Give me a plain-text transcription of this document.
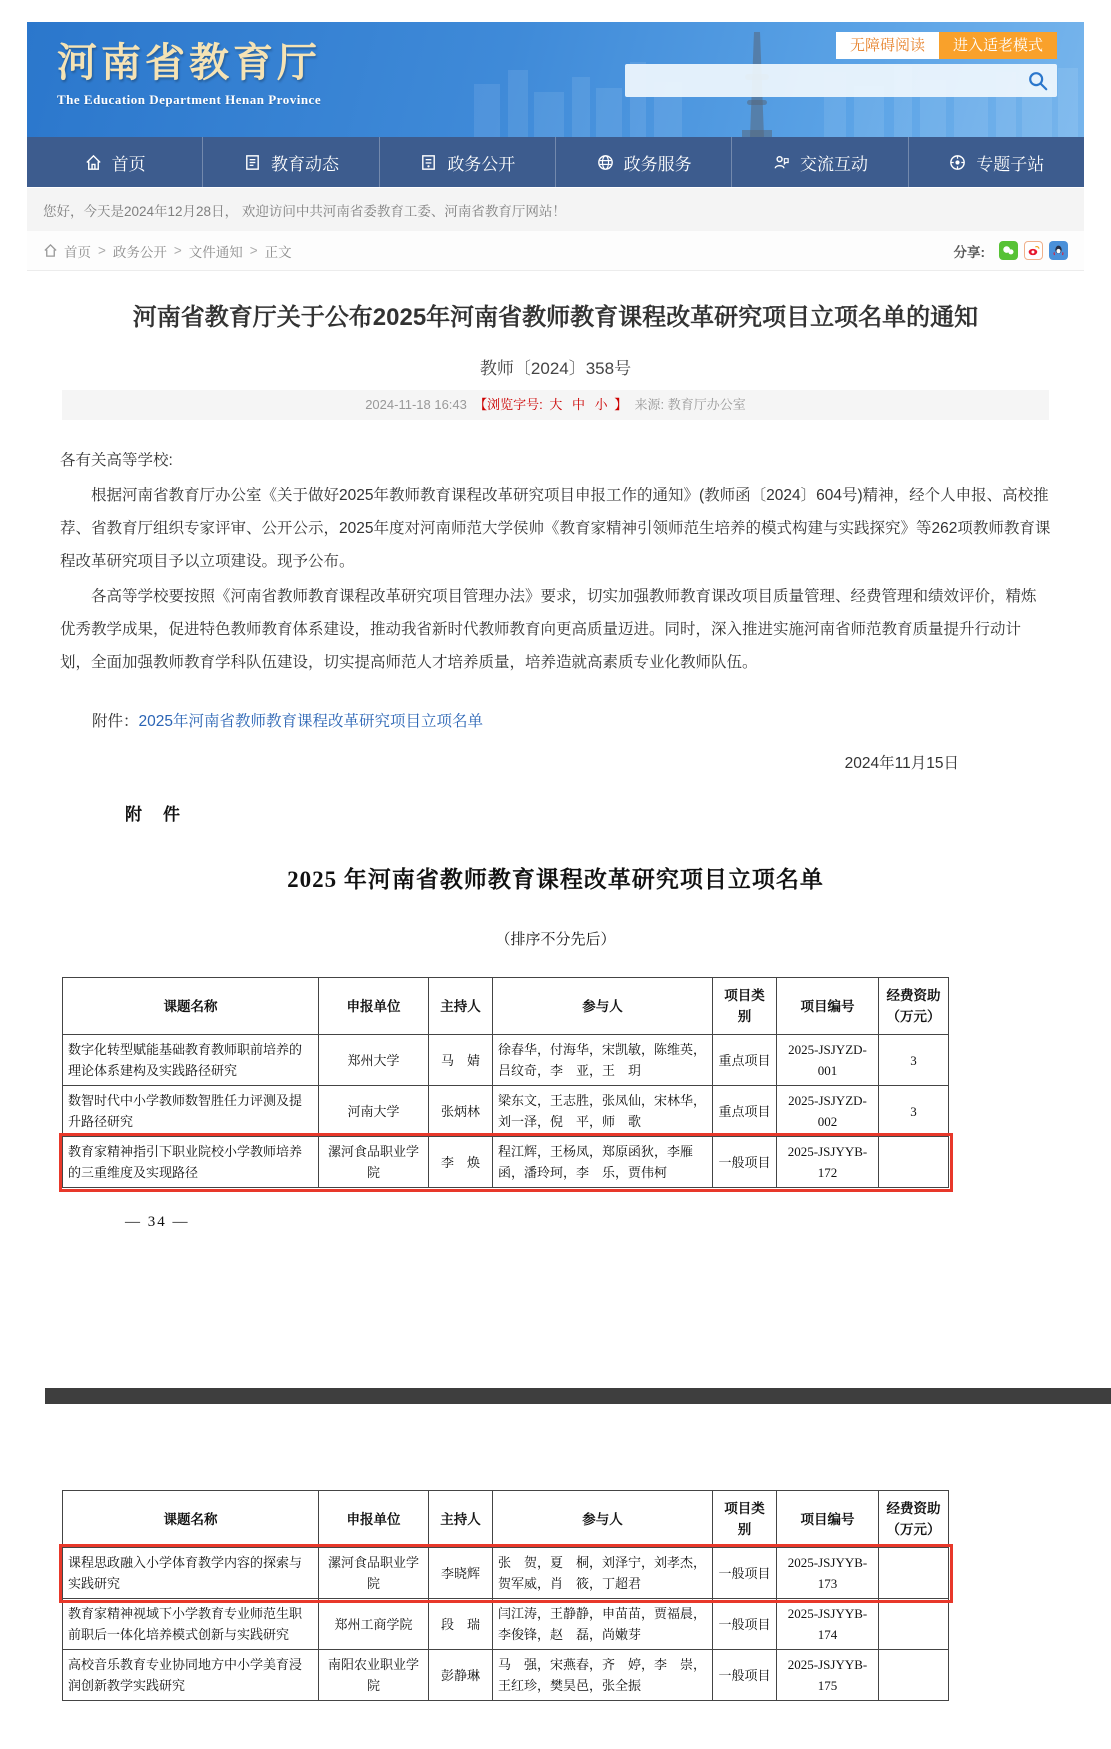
河南省教育厅
The Education Department Henan Province
无障碍阅读	进入适老模式
首页	教育动态	政务公开	政务服务	交流互动	专题子站
您好，今天是2024年12月28日， 欢迎访问中共河南省委教育工委、河南省教育厅网站！
首页 > 政务公开 > 文件通知 > 正文	分享:
河南省教育厅关于公布2025年河南省教师教育课程改革研究项目立项名单的通知
教师〔2024〕358号
2024-11-18 16:43 【浏览字号: 大 中 小 】 来源: 教育厅办公室

各有关高等学校:

根据河南省教育厅办公室《关于做好2025年教师教育课程改革研究项目申报工作的通知》(教师函〔2024〕604号)精神，经个人申报、高校推荐、省教育厅组织专家评审、公开公示，2025年度对河南师范大学侯帅《教育家精神引领师范生培养的模式构建与实践探究》等262项教师教育课程改革研究项目予以立项建设。现予公布。

各高等学校要按照《河南省教师教育课程改革研究项目管理办法》要求，切实加强教师教育课改项目质量管理、经费管理和绩效评价，精炼优秀教学成果，促进特色教师教育体系建设，推动我省新时代教师教育向更高质量迈进。同时，深入推进实施河南省师范教育质量提升行动计划，全面加强教师教育学科队伍建设，切实提高师范人才培养质量，培养造就高素质专业化教师队伍。

附件：2025年河南省教师教育课程改革研究项目立项名单
2024年11月15日
附　件
2025 年河南省教师教育课程改革研究项目立项名单
（排序不分先后）
课题名称	申报单位	主持人	参与人	项目类别	项目编号	经费资助（万元）
数字化转型赋能基础教育教师职前培养的理论体系建构及实践路径研究	郑州大学	马　婧	徐春华，付海华，宋凯敏，陈维英，吕纹奇，李　亚，王　玥	重点项目	2025-JSJYZD-001	3
数智时代中小学教师数智胜任力评测及提升路径研究	河南大学	张炳林	梁东文，王志胜，张凤仙，宋林华，刘一泽，倪　平，师　歌	重点项目	2025-JSJYZD-002	3
教育家精神指引下职业院校小学教师培养的三重维度及实现路径	漯河食品职业学院	李　焕	程江辉，王杨凤，郑原函狄，李雁函，潘玲珂，李　乐，贾伟柯	一般项目	2025-JSJYYB-172	
— 34 —
课题名称	申报单位	主持人	参与人	项目类别	项目编号	经费资助（万元）
课程思政融入小学体育教学内容的探索与实践研究	漯河食品职业学院	李晓辉	张　贺，夏　桐，刘泽宁，刘孝杰，贺军威，肖　筱，丁超君	一般项目	2025-JSJYYB-173	
教育家精神视域下小学教育专业师范生职前职后一体化培养模式创新与实践研究	郑州工商学院	段　瑞	闫江涛，王静静，申苗苗，贾福晨，李俊锋，赵　磊，尚嫩芽	一般项目	2025-JSJYYB-174	
高校音乐教育专业协同地方中小学美育浸润创新教学实践研究	南阳农业职业学院	彭静琳	马　强，宋燕春，齐　婷，李　崇，王红珍，樊昊邑，张全振	一般项目	2025-JSJYYB-175	
